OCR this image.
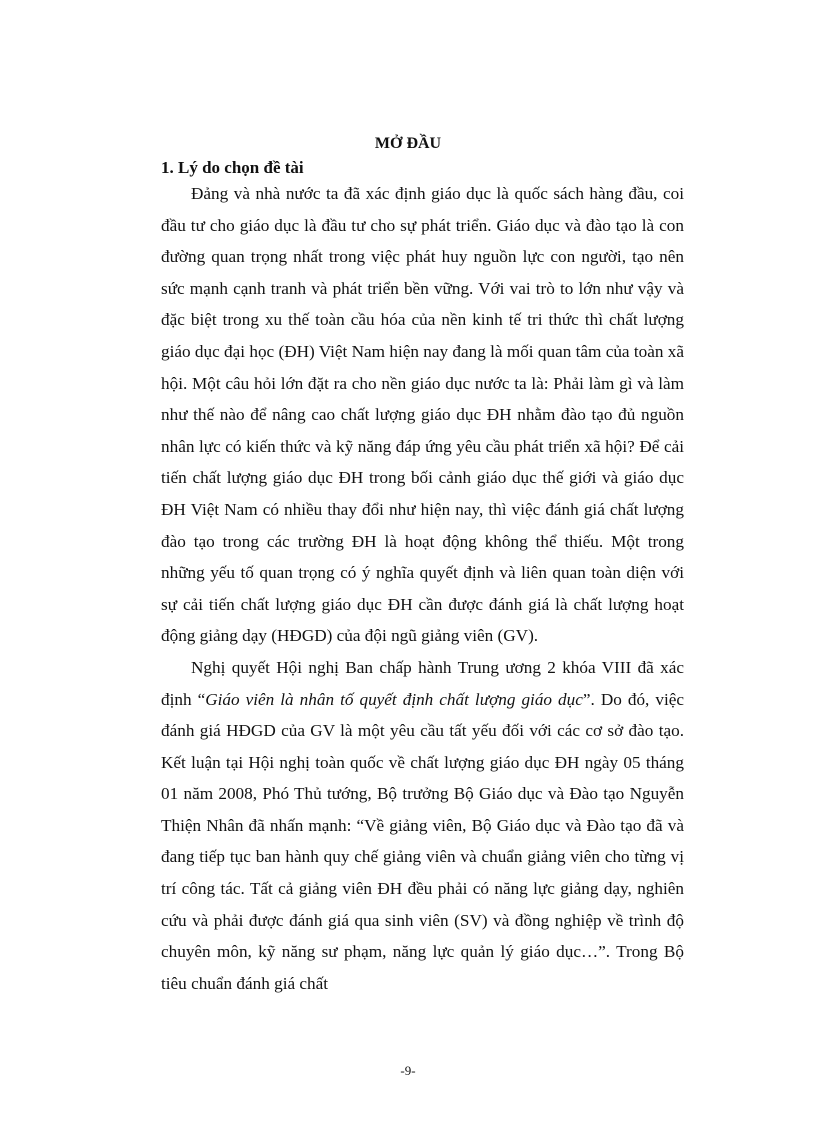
MỞ ĐẦU
1. Lý do chọn đề tài

Đảng và nhà nước ta đã xác định giáo dục là quốc sách hàng đầu, coi đầu tư cho giáo dục là đầu tư cho sự phát triển. Giáo dục và đào tạo là con đường quan trọng nhất trong việc phát huy nguồn lực con người, tạo nên sức mạnh cạnh tranh và phát triển bền vững. Với vai trò to lớn như vậy và đặc biệt trong xu thế toàn cầu hóa của nền kinh tế tri thức thì chất lượng giáo dục đại học (ĐH) Việt Nam hiện nay đang là mối quan tâm của toàn xã hội. Một câu hỏi lớn đặt ra cho nền giáo dục nước ta là: Phải làm gì và làm như thế nào để nâng cao chất lượng giáo dục ĐH nhằm đào tạo đủ nguồn nhân lực có kiến thức và kỹ năng đáp ứng yêu cầu phát triển xã hội? Để cải tiến chất lượng giáo dục ĐH trong bối cảnh giáo dục thế giới và giáo dục ĐH Việt Nam có nhiều thay đổi như hiện nay, thì việc đánh giá chất lượng đào tạo trong các trường ĐH là hoạt động không thể thiếu. Một trong những yếu tố quan trọng có ý nghĩa quyết định và liên quan toàn diện với sự cải tiến chất lượng giáo dục ĐH cần được đánh giá là chất lượng hoạt động giảng dạy (HĐGD) của đội ngũ giảng viên (GV).

Nghị quyết Hội nghị Ban chấp hành Trung ương 2 khóa VIII đã xác định “Giáo viên là nhân tố quyết định chất lượng giáo dục”. Do đó, việc đánh giá HĐGD của GV là một yêu cầu tất yếu đối với các cơ sở đào tạo. Kết luận tại Hội nghị toàn quốc về chất lượng giáo dục ĐH ngày 05 tháng 01 năm 2008, Phó Thủ tướng, Bộ trưởng Bộ Giáo dục và Đào tạo Nguyễn Thiện Nhân đã nhấn mạnh: “Về giảng viên, Bộ Giáo dục và Đào tạo đã và đang tiếp tục ban hành quy chế giảng viên và chuẩn giảng viên cho từng vị trí công tác. Tất cả giảng viên ĐH đều phải có năng lực giảng dạy, nghiên cứu và phải được đánh giá qua sinh viên (SV) và đồng nghiệp về trình độ chuyên môn, kỹ năng sư phạm, năng lực quản lý giáo dục…”. Trong Bộ tiêu chuẩn đánh giá chất

-9-
